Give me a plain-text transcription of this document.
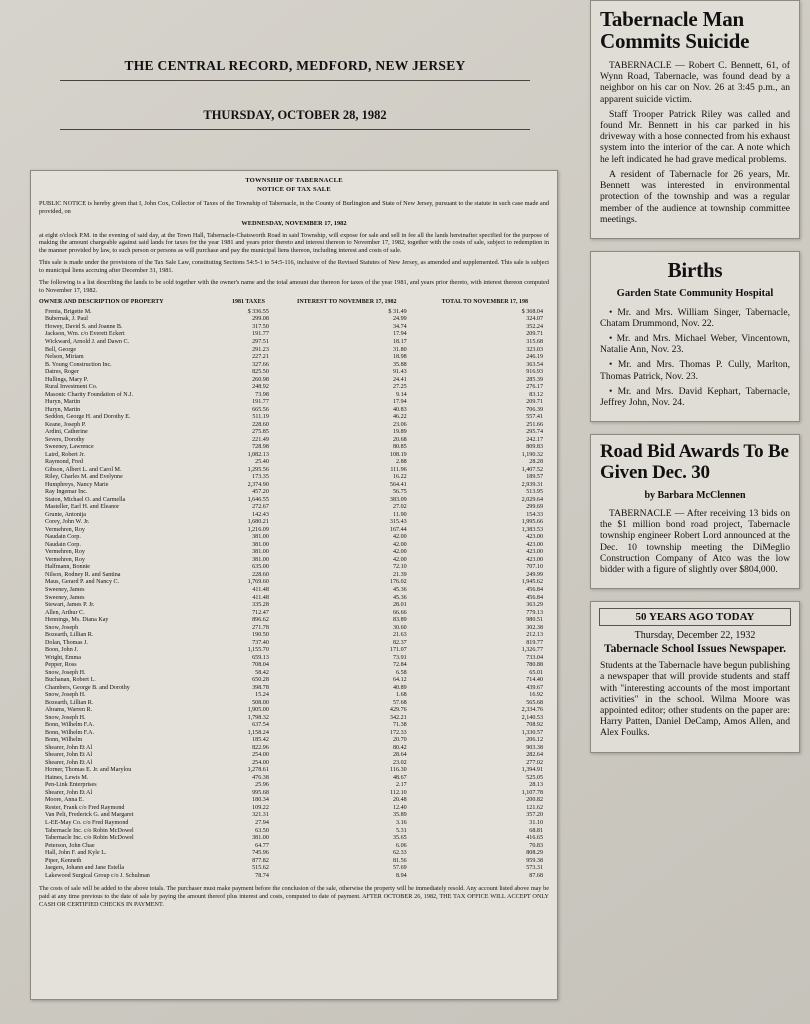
THE CENTRAL RECORD, MEDFORD, NEW JERSEY
THURSDAY, OCTOBER 28, 1982
TOWNSHIP OF TABERNACLE
NOTICE OF TAX SALE

PUBLIC NOTICE is hereby given that I, John Cox, Collector of Taxes of the Township of Tabernacle, in the County of Burlington and State of New Jersey, pursuant to the statute in such case made and provided, on

WEDNESDAY, NOVEMBER 17, 1982

at eight o'clock P.M. in the evening of said day, at the Town Hall, Tabernacle-Chatsworth Road in said Township, will expose for sale and sell in fee all the lands hereinafter specified for the purpose of making the amount chargeable against said lands for taxes for the year 1981 and years prior thereto and interest thereon to November 17, 1982, together with the costs of sale, subject to redemption in the manner provided by law, to such person or persons as will purchase and pay the municipal liens thereon, including interest and costs of sale.

This sale is made under the provisions of the Tax Sale Law, constituting Sections 54:5-1 to 54:5-116, inclusive of the Revised Statutes of New Jersey, as amended and supplemented. This sale is subject to municipal liens accruing after December 31, 1981.

The following is a list describing the lands to be sold together with the owner's name and the total amount due thereon for taxes of the year 1981, and years prior thereto, with interest thereon computed to November 17, 1982.

OWNER AND DESCRIPTION OF PROPERTY	1981 TAXES	INTEREST TO NOVEMBER 17, 1982	TOTAL TO NOVEMBER 17, 198
Frenia, Brigette M.	$ 336.55	$ 31.49	$ 368.04
Bubernak, J. Paul	299.08	24.99	324.07
Howey, David S. and Joanne B.	317.50	34.74	352.24
Jackson, Wm. c/o Everett Eckert	191.77	17.94	209.71
Wickward, Arnold J. and Dawn C.	297.51	18.17	315.68
Bell, George	291.23	31.80	323.03
Nelson, Miriam	227.21	18.98	246.19
B. Young Construction Inc.	327.66	35.88	363.54
Datres, Roger	825.50	91.43	916.93
Hullings, Mary P.	260.98	24.41	285.39
Rural Investment Co.	248.92	27.25	276.17
Masonic Charity Foundation of N.J.	73.98	9.14	83.12
Huryn, Martin	191.77	17.94	209.71
Huryn, Martin	665.56	40.83	706.39
Seddon, George H. and Dorothy E.	511.19	46.22	557.41
Keane, Joseph P.	228.60	23.06	251.66
Ardini, Catherine	275.85	19.89	295.74
Severs, Dorothy	221.49	20.68	242.17
Sweeney, Lawrence	728.98	80.85	809.83
Laird, Robert Jr.	1,082.13	108.19	1,190.32
Raymond, Fred	25.40	2.88	28.28
Gibson, Albert L. and Carol M.	1,295.56	111.96	1,407.52
Riley, Charles M. and Evelynne	173.35	16.22	189.57
Humphreys, Nancy Marie	2,374.90	564.41	2,939.31
Ray Ingemar Inc.	457.20	56.75	513.95
Staton, Michael O. and Carmella	1,646.55	383.09	2,029.64
Masteller, Earl H. and Eleanor	272.67	27.02	299.69
Grunte, Antonija	142.43	11.90	154.33
Corey, John W. Jr.	1,680.21	315.43	1,995.66
Vermehren, Roy	1,216.09	167.44	1,383.53
Naudain Corp.	381.00	42.00	423.00
Naudain Corp.	381.00	42.00	423.00
Vermehren, Roy	381.00	42.00	423.00
Vermehren, Roy	381.00	42.00	423.00
Halfmann, Bonnie	635.00	72.10	707.10
Nilson, Rodney R. and Santina	228.60	21.39	249.99
Maus, Gerard P. and Nancy C.	1,769.60	176.02	1,945.62
Sweeney, James	411.48	45.36	456.84
Sweeney, James	411.48	45.36	456.84
Stewart, James P. Jr.	335.28	28.01	363.29
Allen, Arthur C.	712.47	66.66	779.13
Hennings, Ms. Diana Kay	896.62	83.89	980.51
Snow, Joseph	271.78	30.60	302.38
Bozearth, Lillian R.	190.50	21.63	212.13
Dolan, Thomas J.	737.40	82.37	819.77
Boon, John J.	1,155.70	171.07	1,326.77
Wright, Emma	659.13	73.91	733.04
Pepper, Ross	708.04	72.84	780.88
Snow, Joseph H.	58.42	6.58	65.01
Buchanan, Robert L.	650.28	64.12	714.40
Chambers, George B. and Dorothy	398.78	40.89	439.67
Snow, Joseph H.	15.24	1.68	16.92
Bozearth, Lillian R.	508.00	57.68	565.68
Abrams, Warren R.	1,905.00	429.76	2,334.76
Snow, Joseph H.	1,798.32	342.21	2,140.53
Bonn, Wilhelm F.A.	637.54	71.38	708.92
Bonn, Wilhelm F.A.	1,158.24	172.33	1,330.57
Bonn, Wilhelm	185.42	20.70	206.12
Shearer, John Et Al	822.96	80.42	903.38
Shearer, John Et Al	254.00	28.64	282.64
Shearer, John Et Al	254.00	23.02	277.02
Horner, Thomas E. Jr. and Marylou	1,278.61	116.30	1,394.91
Haines, Lewis M.	476.38	48.67	525.05
Pen-Link Enterprises	25.96	2.17	28.13
Shearer, John Et Al	995.68	112.10	1,107.78
Moore, Anna E.	180.34	20.48	200.82
Rester, Frank c/o Fred Raymond	109.22	12.40	121.62
Van Pelt, Frederick G. and Margaret	321.31	35.89	357.20
L-EE-May Co. c/o Fred Raymond	27.94	3.16	31.10
Tabernacle Inc. c/o Robin McDowel	63.50	5.31	68.81
Tabernacle Inc. c/o Robin McDowel	381.00	35.65	416.65
Peterson, John Chae	64.77	6.06	70.83
Hall, John F. and Kyle L.	745.96	62.33	808.29
Piper, Kenneth	877.82	81.56	959.38
Jaegers, Johann and Jane Estella	515.62	57.69	573.31
Lakewood Surgical Group c/o J. Schulman	78.74	8.94	87.68
The costs of sale will be added to the above totals. The purchaser must make payment before the conclusion of the sale, otherwise the property will be immediately resold. Any account listed above may be paid at any time previous to the date of sale by paying the amount thereof plus interest and costs, computed to date of payment. AFTER OCTOBER 26, 1982, THE TAX OFFICE WILL ACCEPT ONLY CASH OR CERTIFIED CHECKS IN PAYMENT.
Tabernacle Man Commits Suicide

TABERNACLE — Robert C. Bennett, 61, of Wynn Road, Tabernacle, was found dead by a neighbor on his car on Nov. 26 at 3:45 p.m., an apparent suicide victim.

Staff Trooper Patrick Riley was called and found Mr. Bennett in his car parked in his driveway with a hose connected from his exhaust system into the interior of the car. A note which he left indicated he had grave medical problems.

A resident of Tabernacle for 26 years, Mr. Bennett was interested in environmental protection of the township and was a regular member of the audience at township committee meetings.

Births
Garden State Community Hospital

• Mr. and Mrs. William Singer, Tabernacle, Chatam Drummond, Nov. 22.

• Mr. and Mrs. Michael Weber, Vincentown, Natalie Ann, Nov. 23.

• Mr. and Mrs. Thomas P. Cully, Marlton, Thomas Patrick, Nov. 23.

• Mr. and Mrs. David Kephart, Tabernacle, Jeffrey John, Nov. 24.

Road Bid Awards To Be Given Dec. 30
by Barbara McClennen

TABERNACLE — After receiving 13 bids on the $1 million bond road project, Tabernacle township engineer Robert Lord announced at the Dec. 10 township meeting the DiMeglio Construction Company of Atco was the low bidder with a figure of slightly over $804,000.

50 YEARS AGO TODAY
Thursday, December 22, 1932
Tabernacle School Issues Newspaper.

Students at the Tabernacle have begun publishing a newspaper that will provide students and staff with "interesting accounts of the most important activities" in the school. Wilma Moore was appointed editor; other students on the paper are: Harry Patten, Daniel DeCamp, Amos Allen, and Alex Foulks.
